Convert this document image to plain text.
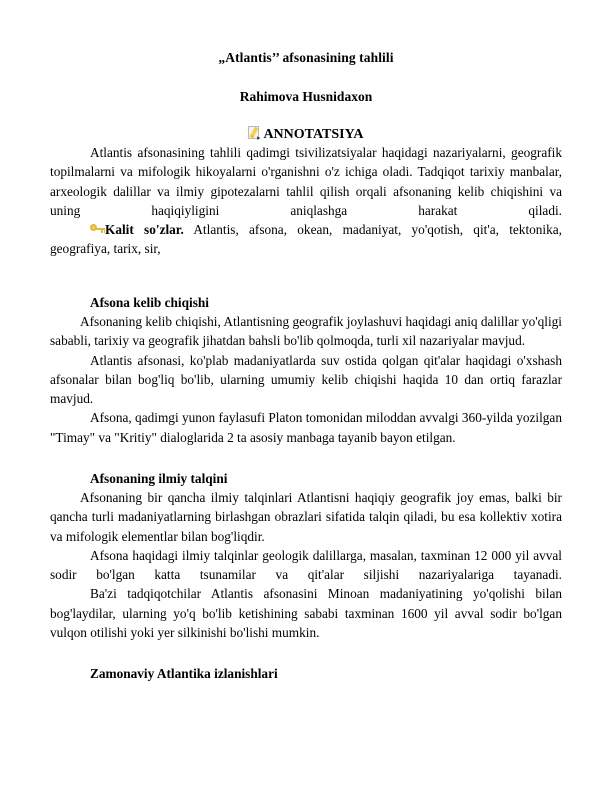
„Atlantis’’ afsonasining tahlili
Rahimova Husnidaxon
ANNOTATSIYA

Atlantis afsonasining tahlili qadimgi tsivilizatsiyalar haqidagi nazariyalarni, geografik topilmalarni va mifologik hikoyalarni o'rganishni o'z ichiga oladi. Tadqiqot tarixiy manbalar, arxeologik dalillar va ilmiy gipotezalarni tahlil qilish orqali afsonaning kelib chiqishini va uning haqiqiyligini aniqlashga harakat qiladi.

Kalit so'zlar. Atlantis, afsona, okean, madaniyat, yo'qotish, qit'a, tektonika, geografiya, tarix, sir,

Afsona kelib chiqishi

Afsonaning kelib chiqishi, Atlantisning geografik joylashuvi haqidagi aniq dalillar yo'qligi sababli, tarixiy va geografik jihatdan bahsli bo'lib qolmoqda, turli xil nazariyalar mavjud.

Atlantis afsonasi, ko'plab madaniyatlarda suv ostida qolgan qit'alar haqidagi o'xshash afsonalar bilan bog'liq bo'lib, ularning umumiy kelib chiqishi haqida 10 dan ortiq farazlar mavjud.

Afsona, qadimgi yunon faylasufi Platon tomonidan miloddan avvalgi 360-yilda yozilgan "Timay" va "Kritiy" dialoglarida 2 ta asosiy manbaga tayanib bayon etilgan.

Afsonaning ilmiy talqini

Afsonaning bir qancha ilmiy talqinlari Atlantisni haqiqiy geografik joy emas, balki bir qancha turli madaniyatlarning birlashgan obrazlari sifatida talqin qiladi, bu esa kollektiv xotira va mifologik elementlar bilan bog'liqdir.

Afsona haqidagi ilmiy talqinlar geologik dalillarga, masalan, taxminan 12 000 yil avval sodir bo'lgan katta tsunamilar va qit'alar siljishi nazariyalariga tayanadi.

Ba'zi tadqiqotchilar Atlantis afsonasini Minoan madaniyatining yo'qolishi bilan bog'laydilar, ularning yo'q bo'lib ketishining sababi taxminan 1600 yil avval sodir bo'lgan vulqon otilishi yoki yer silkinishi bo'lishi mumkin.

Zamonaviy Atlantika izlanishlari
